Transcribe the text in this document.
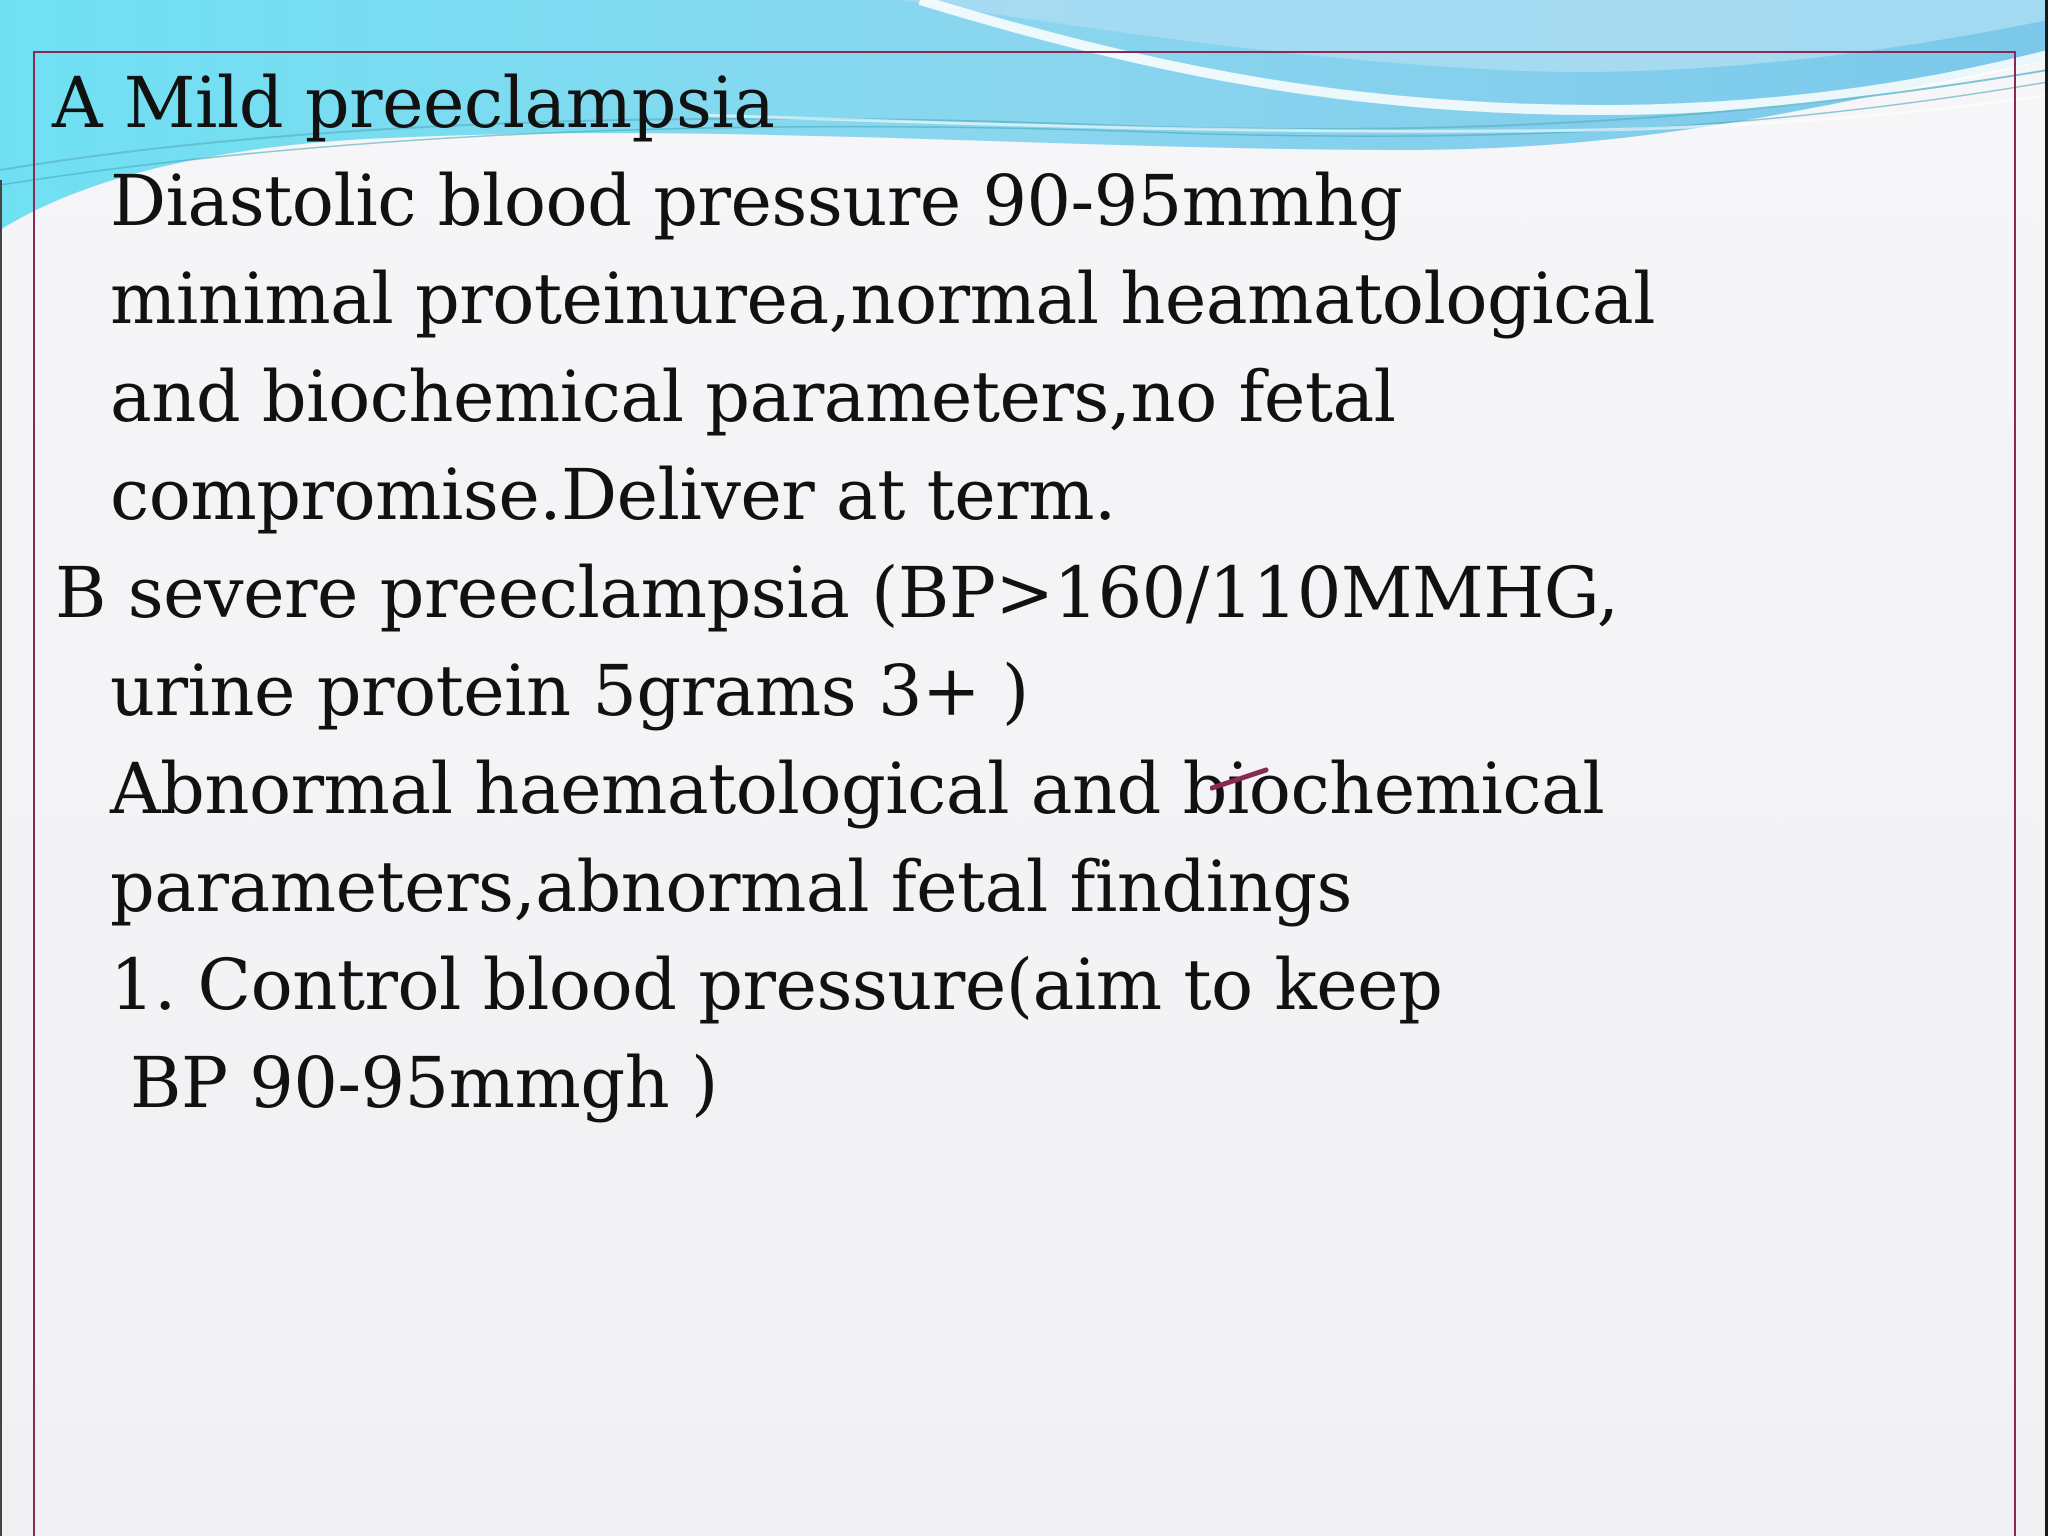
A Mild preeclampsia
Diastolic blood pressure 90-95mmhg
minimal proteinurea,normal heamatological
and biochemical parameters,no fetal
compromise.Deliver at term.
B severe preeclampsia (BP>160/110MMHG,
urine protein 5grams 3+ )
Abnormal haematological and biochemical
parameters,abnormal fetal findings
1. Control blood pressure(aim to keep
BP 90-95mmgh )
